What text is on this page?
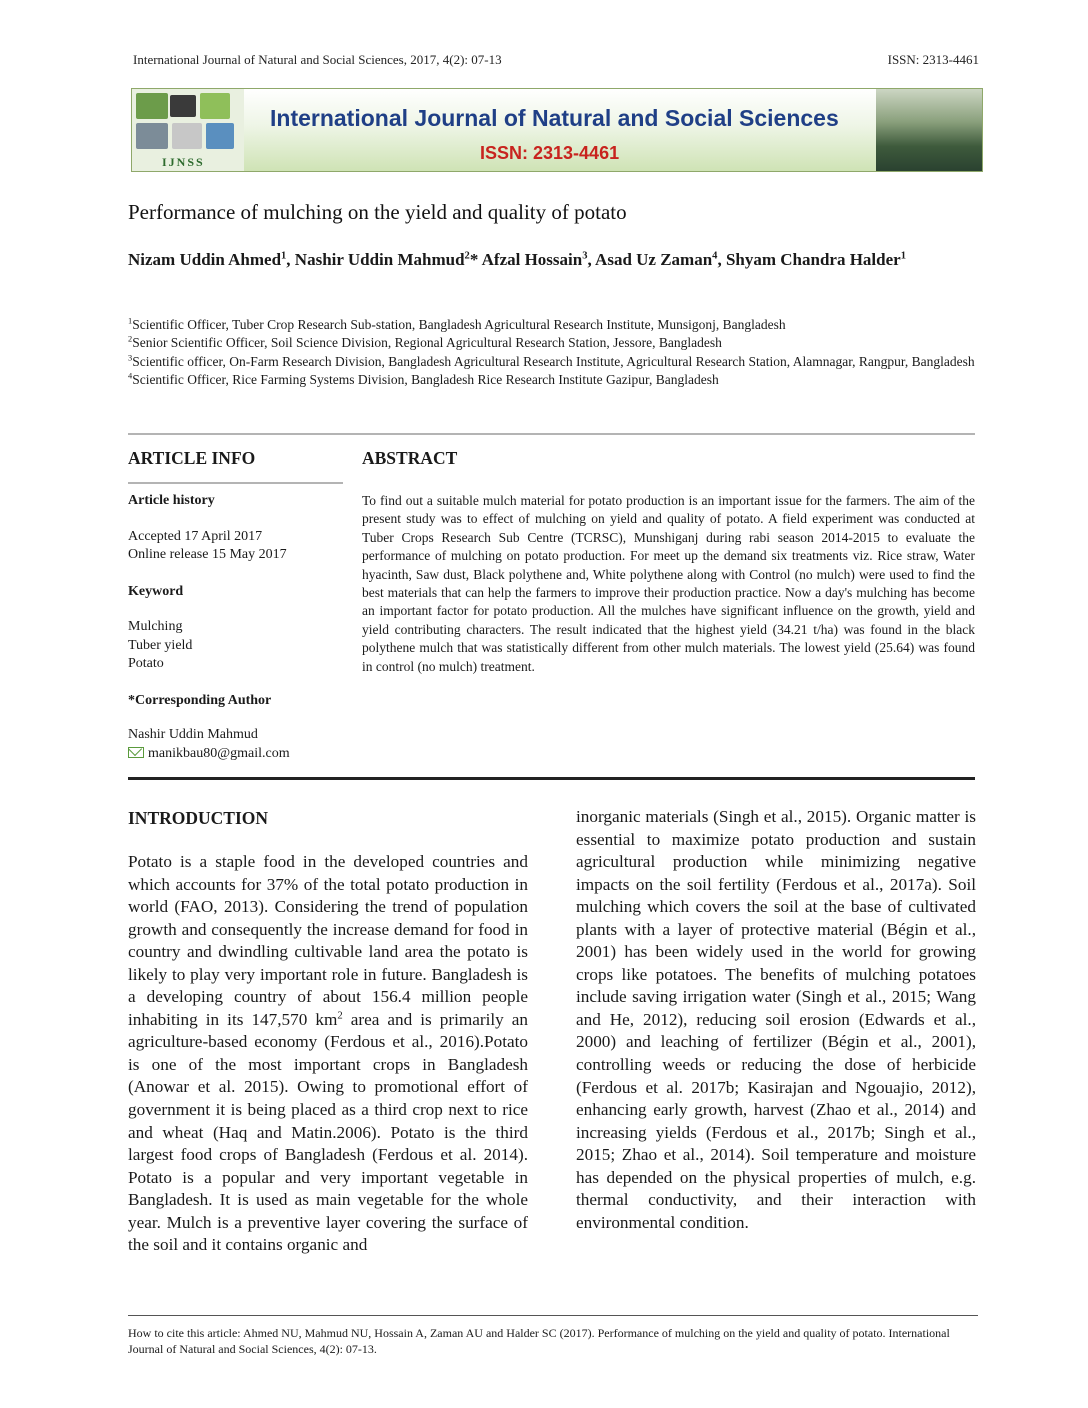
International Journal of Natural and Social Sciences, 2017, 4(2): 07-13	ISSN: 2313-4461
IJNSS
International Journal of Natural and Social Sciences
ISSN: 2313-4461
Performance of mulching on the yield and quality of potato
Nizam Uddin Ahmed$^1$, Nashir Uddin Mahmud$^2$* Afzal Hossain$^3$, Asad Uz Zaman$^4$, Shyam Chandra Halder$^1$

$^1$Scientific Officer, Tuber Crop Research Sub-station, Bangladesh Agricultural Research Institute, Munsigonj, Bangladesh

$^2$Senior Scientific Officer, Soil Science Division, Regional Agricultural Research Station, Jessore, Bangladesh

$^3$Scientific officer, On-Farm Research Division, Bangladesh Agricultural Research Institute, Agricultural Research Station, Alamnagar, Rangpur, Bangladesh

$^4$Scientific Officer, Rice Farming Systems Division, Bangladesh Rice Research Institute Gazipur, Bangladesh

ARTICLE INFO
Article history
Accepted 17 April 2017
Online release 15 May 2017
Keyword
Mulching
Tuber yield
Potato
*Corresponding Author
Nashir Uddin Mahmud
manikbau80@gmail.com
ABSTRACT
To find out a suitable mulch material for potato production is an important issue for the farmers. The aim of the present study was to effect of mulching on yield and quality of potato. A field experiment was conducted at Tuber Crops Research Sub Centre (TCRSC), Munshiganj during rabi season 2014-2015 to evaluate the performance of mulching on potato production. For meet up the demand six treatments viz. Rice straw, Water hyacinth, Saw dust, Black polythene and, White polythene along with Control (no mulch) were used to find the best materials that can help the farmers to improve their production practice. Now a day's mulching has become an important factor for potato production. All the mulches have significant influence on the growth, yield and yield contributing characters. The result indicated that the highest yield (34.21 t/ha) was found in the black polythene mulch that was statistically different from other mulch materials. The lowest yield (25.64) was found in control (no mulch) treatment.
INTRODUCTION
Potato is a staple food in the developed countries and which accounts for 37% of the total potato production in world (FAO, 2013). Considering the trend of population growth and consequently the increase demand for food in country and dwindling cultivable land area the potato is likely to play very important role in future. Bangladesh is a developing country of about 156.4 million people inhabiting in its 147,570 $km^2$ area and is primarily an agriculture-based economy (Ferdous et al., 2016).Potato is one of the most important crops in Bangladesh (Anowar et al. 2015). Owing to promotional effort of government it is being placed as a third crop next to rice and wheat (Haq and Matin.2006). Potato is the third largest food crops of Bangladesh (Ferdous et al. 2014). Potato is a popular and very important vegetable in Bangladesh. It is used as main vegetable for the whole year. Mulch is a preventive layer covering the surface of the soil and it contains organic and
inorganic materials (Singh et al., 2015). Organic matter is essential to maximize potato production and sustain agricultural production while minimizing negative impacts on the soil fertility (Ferdous et al., 2017a). Soil mulching which covers the soil at the base of cultivated plants with a layer of protective material (Bégin et al., 2001) has been widely used in the world for growing crops like potatoes. The benefits of mulching potatoes include saving irrigation water (Singh et al., 2015; Wang and He, 2012), reducing soil erosion (Edwards et al., 2000) and leaching of fertilizer (Bégin et al., 2001), controlling weeds or reducing the dose of herbicide (Ferdous et al. 2017b; Kasirajan and Ngouajio, 2012), enhancing early growth, harvest (Zhao et al., 2014) and increasing yields (Ferdous et al., 2017b; Singh et al., 2015; Zhao et al., 2014). Soil temperature and moisture has depended on the physical properties of mulch, e.g. thermal conductivity, and their interaction with environmental condition.
How to cite this article: Ahmed NU, Mahmud NU, Hossain A, Zaman AU and Halder SC (2017). Performance of mulching on the yield and quality of potato. International Journal of Natural and Social Sciences, 4(2): 07-13.
